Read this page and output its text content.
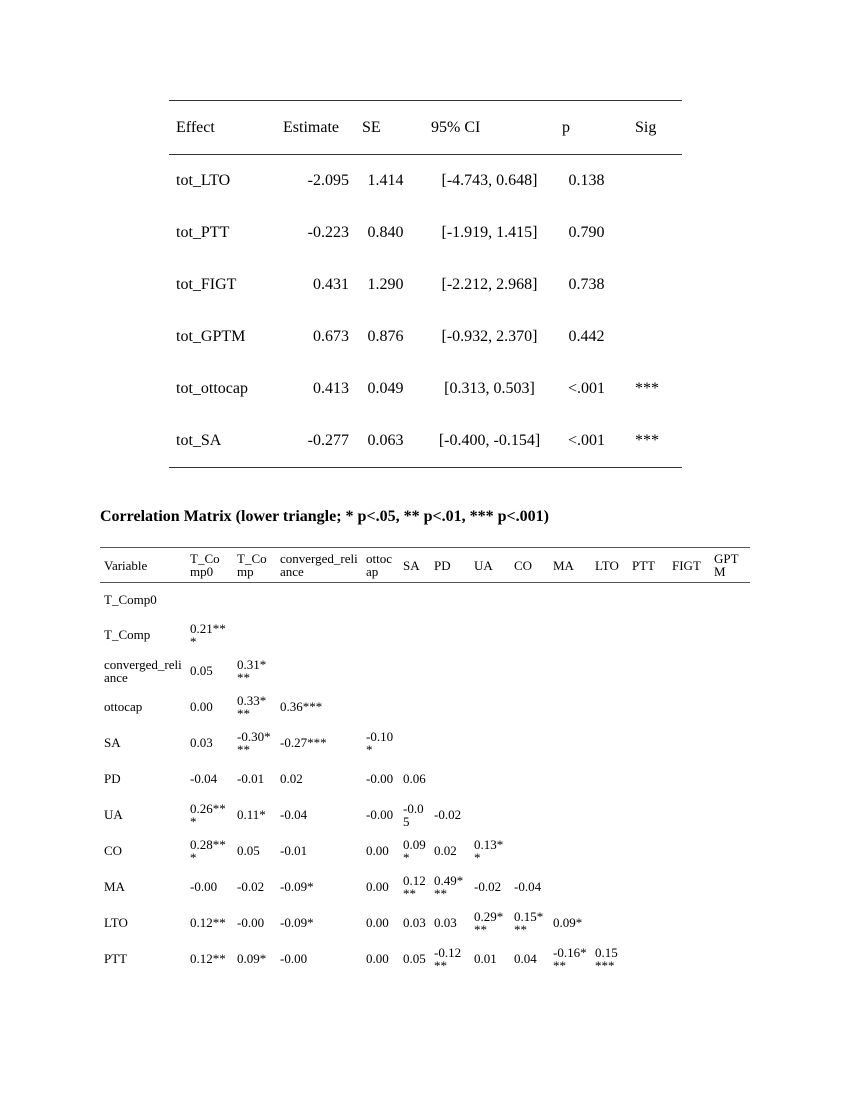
Effect	Estimate	SE	95% CI	p	Sig
tot_LTO	-2.095	1.414	[-4.743, 0.648]	0.138	
tot_PTT	-0.223	0.840	[-1.919, 1.415]	0.790	
tot_FIGT	0.431	1.290	[-2.212, 2.968]	0.738	
tot_GPTM	0.673	0.876	[-0.932, 2.370]	0.442	
tot_ottocap	0.413	0.049	[0.313, 0.503]	<.001	***
tot_SA	-0.277	0.063	[-0.400, -0.154]	<.001	***
Correlation Matrix (lower triangle; * p<.05, ** p<.01, *** p<.001)
Variable	T_Comp0	T_Comp	converged_reliance	ottocap	SA	PD	UA	CO	MA	LTO	PTT	FIGT	GPTM
T_Comp0													
T_Comp	0.21***												
converged_reliance	0.05	0.31***											
ottocap	0.00	0.33***	0.36***										
SA	0.03	-0.30***	-0.27***	-0.10*									
PD	-0.04	-0.01	0.02	-0.00	0.06								
UA	0.26***	0.11*	-0.04	-0.00	-0.05	-0.02							
CO	0.28***	0.05	-0.01	0.00	0.09*	0.02	0.13**						
MA	-0.00	-0.02	-0.09*	0.00	0.12**	0.49***	-0.02	-0.04					
LTO	0.12**	-0.00	-0.09*	0.00	0.03	0.03	0.29***	0.15***	0.09*				
PTT	0.12**	0.09*	-0.00	0.00	0.05	-0.12**	0.01	0.04	-0.16***	0.15***			
